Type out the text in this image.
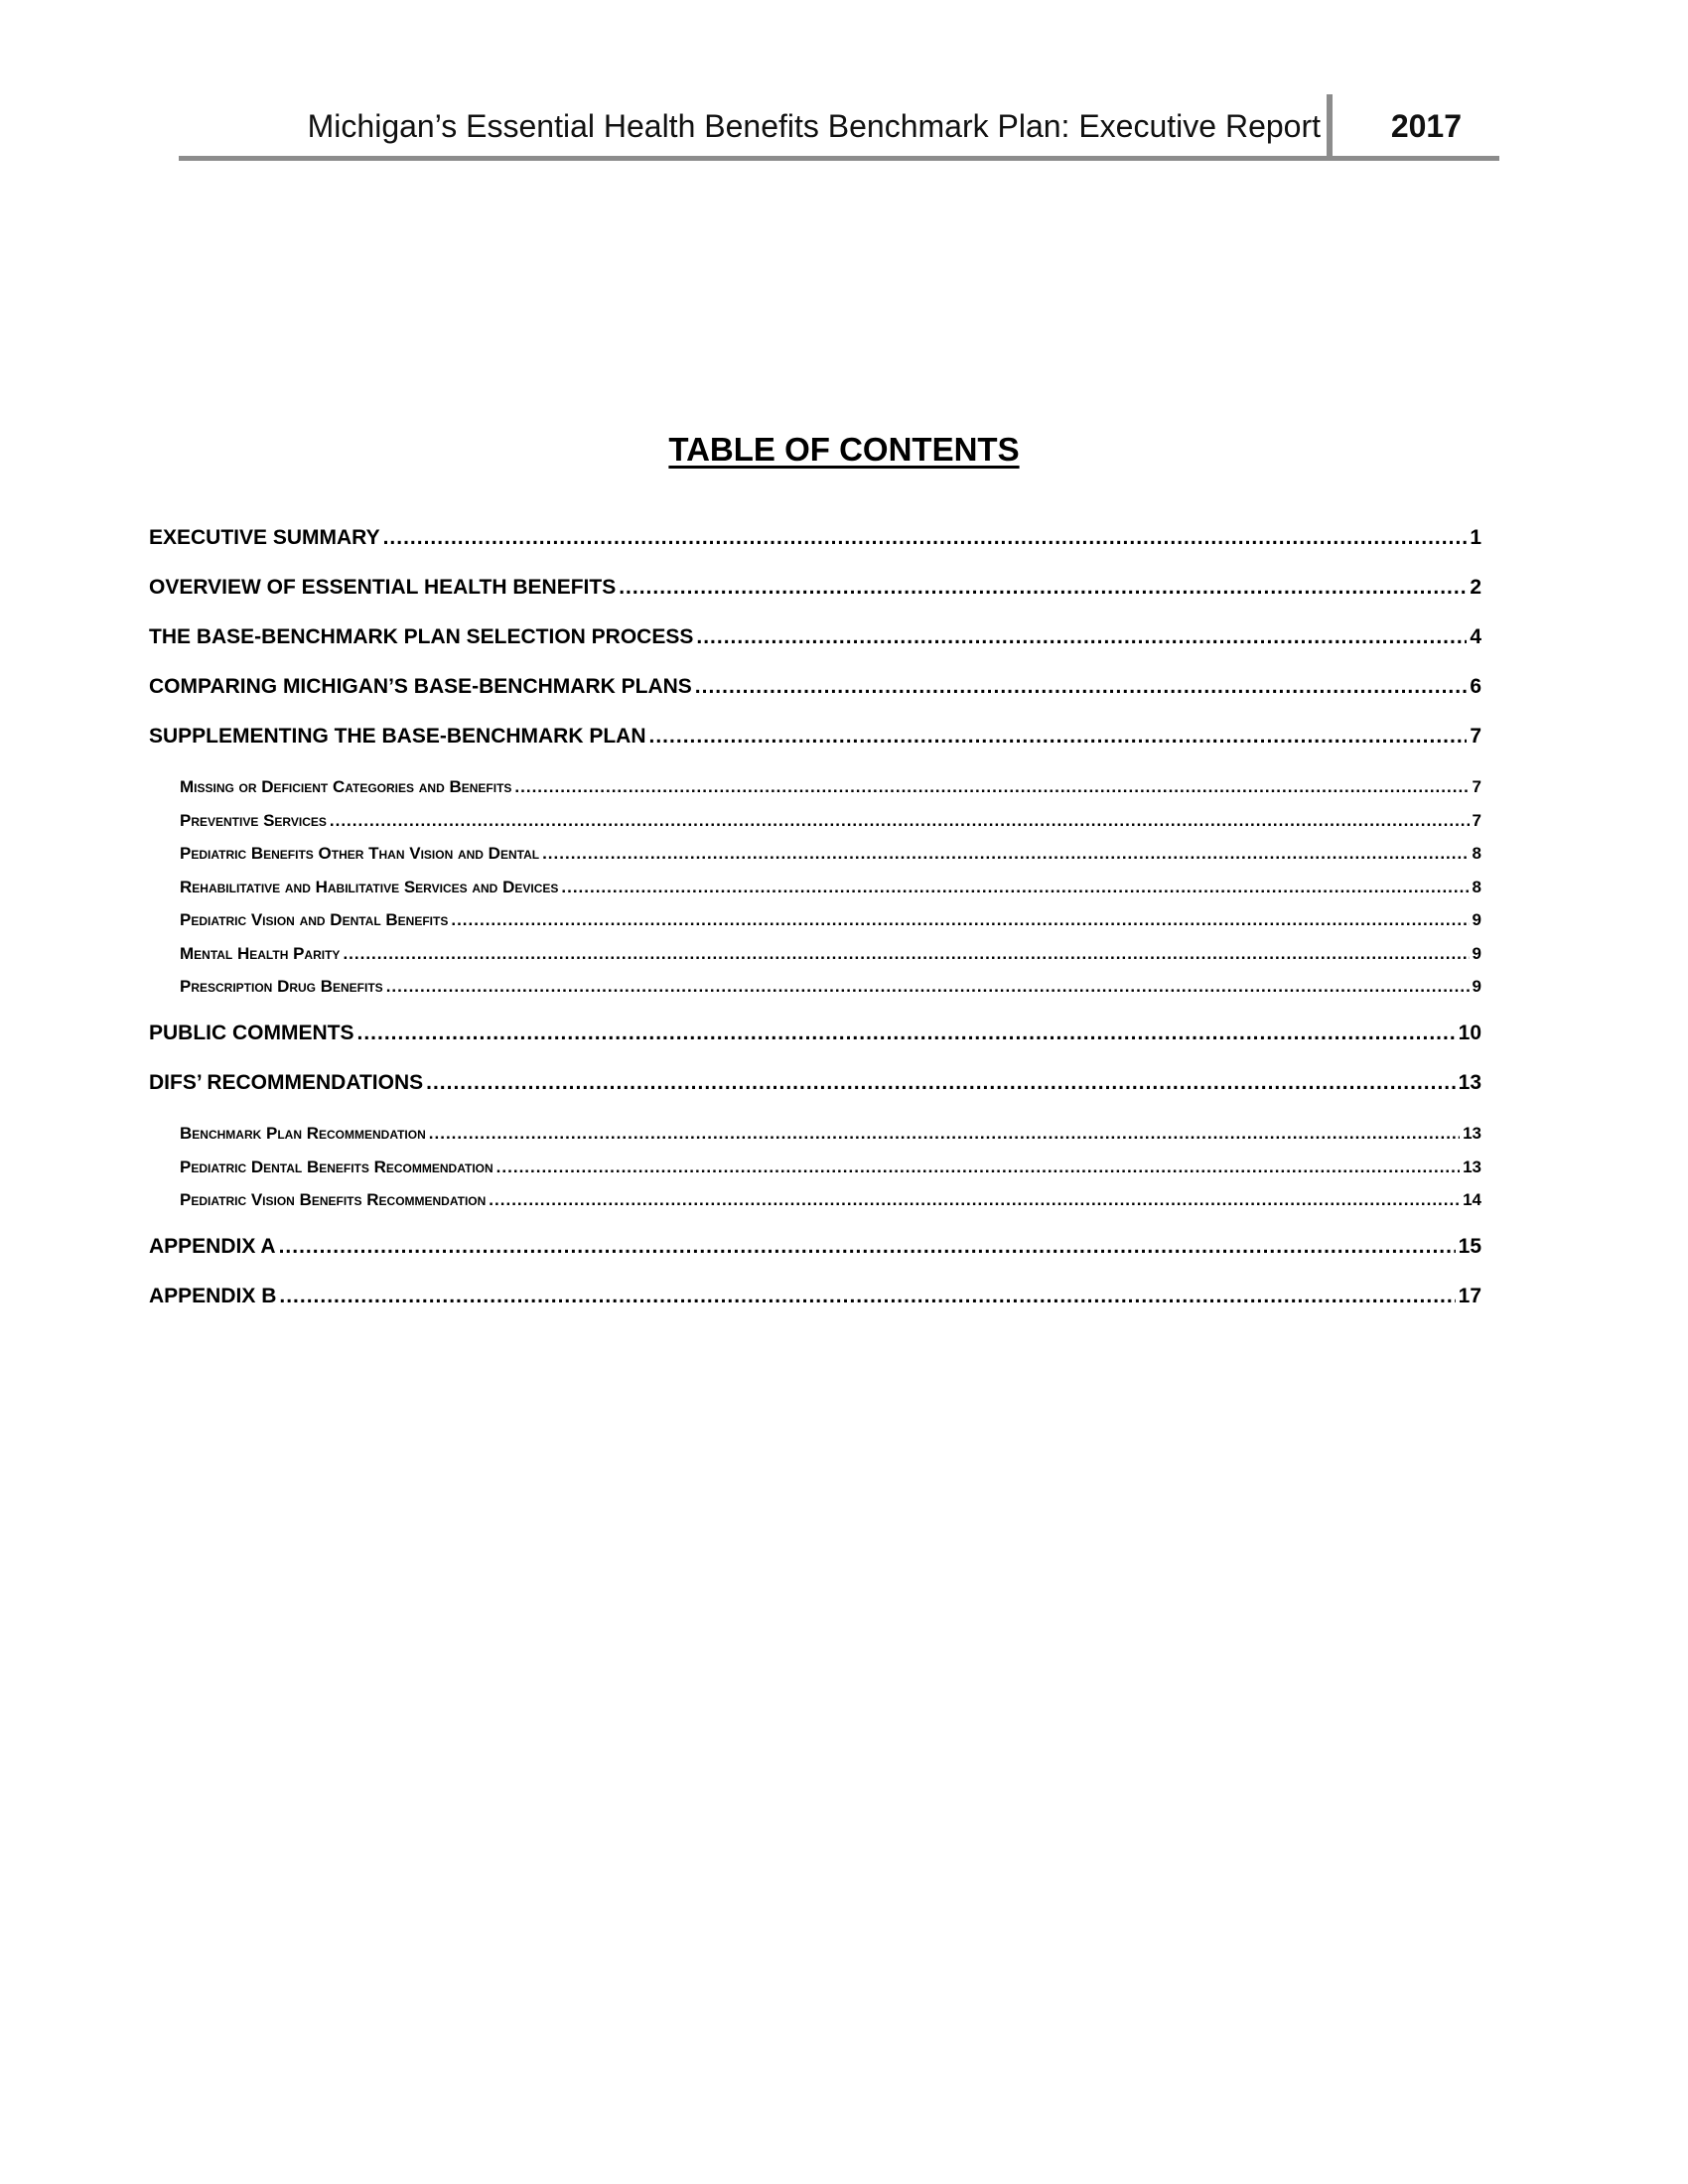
Michigan’s Essential Health Benefits Benchmark Plan: Executive Report 2017
TABLE OF CONTENTS
EXECUTIVE SUMMARY .....	1
OVERVIEW OF ESSENTIAL HEALTH BENEFITS .....	2
THE BASE-BENCHMARK PLAN SELECTION PROCESS .....	4
COMPARING MICHIGAN’S BASE-BENCHMARK PLANS .....	6
SUPPLEMENTING THE BASE-BENCHMARK PLAN .....	7
Missing or Deficient Categories and Benefits .....	7
Preventive Services .....	7
Pediatric Benefits Other Than Vision and Dental .....	8
Rehabilitative and Habilitative Services and Devices .....	8
Pediatric Vision and Dental Benefits .....	9
Mental Health Parity .....	9
Prescription Drug Benefits .....	9
PUBLIC COMMENTS .....	10
DIFS’ RECOMMENDATIONS .....	13
Benchmark Plan Recommendation .....	13
Pediatric Dental Benefits Recommendation .....	13
Pediatric Vision Benefits Recommendation .....	14
APPENDIX A .....	15
APPENDIX B .....	17
